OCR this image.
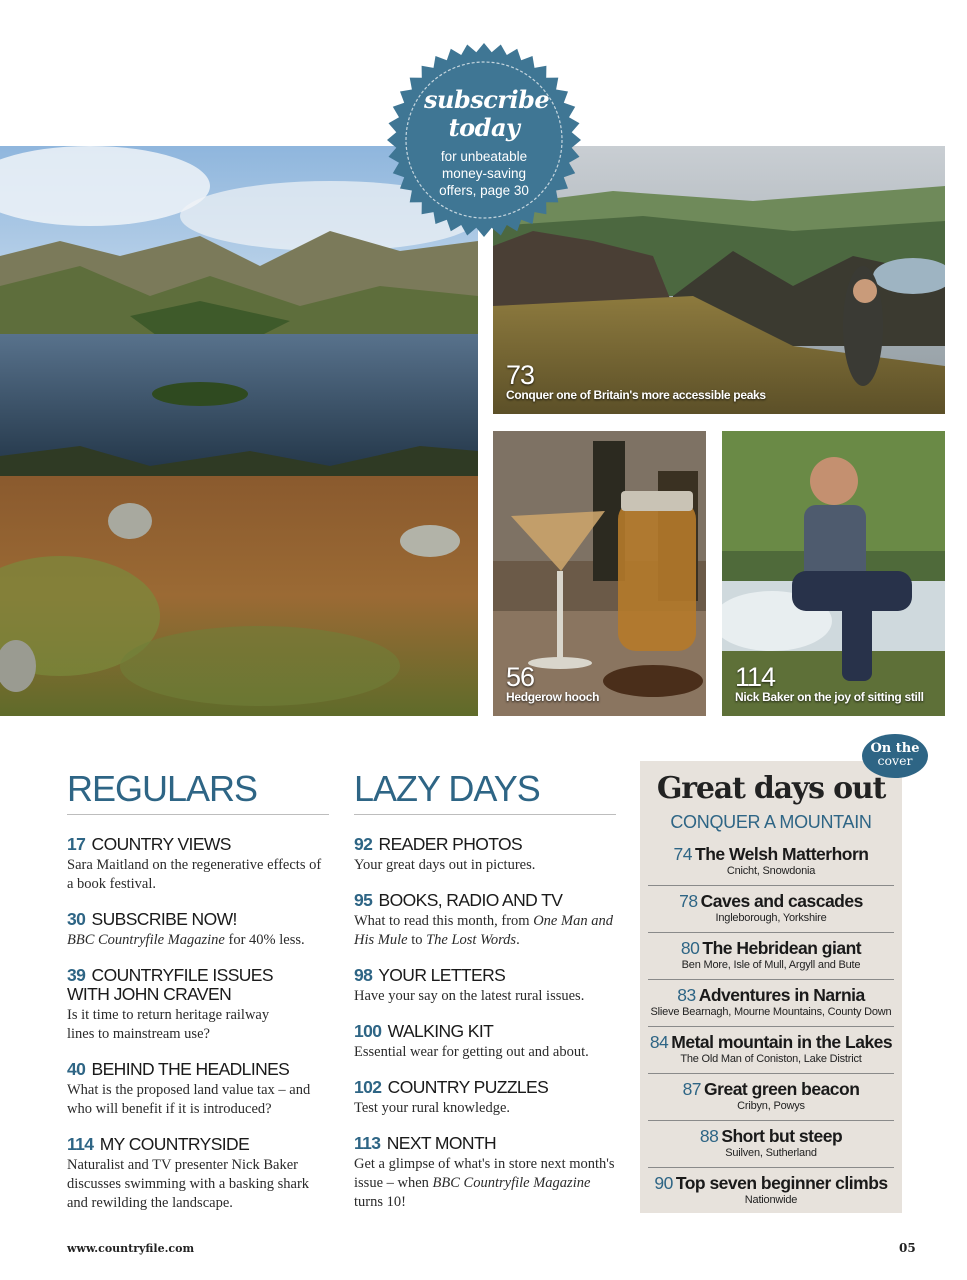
73
Conquer one of Britain's more accessible peaks
56
Hedgerow hooch
114
Nick Baker on the joy of sitting still
subscribe today
for unbeatable money-saving offers, page 30
REGULARS
17 COUNTRY VIEWS
Sara Maitland on the regenerative effects of a book festival.
30 SUBSCRIBE NOW!
BBC Countryfile Magazine for 40% less.
39 COUNTRYFILE ISSUES WITH JOHN CRAVEN
Is it time to return heritage railway lines to mainstream use?
40 BEHIND THE HEADLINES
What is the proposed land value tax – and who will benefit if it is introduced?
114 MY COUNTRYSIDE
Naturalist and TV presenter Nick Baker discusses swimming with a basking shark and rewilding the landscape.
LAZY DAYS
92 READER PHOTOS
Your great days out in pictures.
95 BOOKS, RADIO AND TV
What to read this month, from One Man and His Mule to The Lost Words.
98 YOUR LETTERS
Have your say on the latest rural issues.
100 WALKING KIT
Essential wear for getting out and about.
102 COUNTRY PUZZLES
Test your rural knowledge.
113 NEXT MONTH
Get a glimpse of what's in store next month's issue – when BBC Countryfile Magazine turns 10!
Great days out
CONQUER A MOUNTAIN
74 The Welsh Matterhorn
Cnicht, Snowdonia
78 Caves and cascades
Ingleborough, Yorkshire
80 The Hebridean giant
Ben More, Isle of Mull, Argyll and Bute
83 Adventures in Narnia
Slieve Bearnagh, Mourne Mountains, County Down
84 Metal mountain in the Lakes
The Old Man of Coniston, Lake District
87 Great green beacon
Cribyn, Powys
88 Short but steep
Suilven, Sutherland
90 Top seven beginner climbs
Nationwide
On the
cover
www.countryfile.com	05
